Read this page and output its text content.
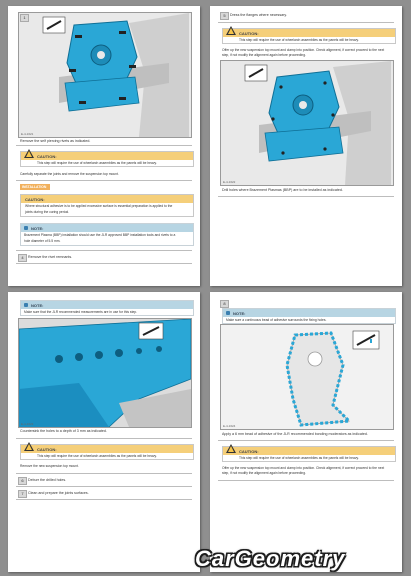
E-4-1621
1
Remove the self piercing rivets as indicated.
! CAUTION:
This step will require the use of wheelarch assemblies as the panels will be heavy.
Carefully separate the joints and remove the suspension top mount.
INSTALLATION
CAUTION:
Where structural adhesive is to be applied excessive surface is essential preparation is applied to the
joints during the curing period.
NOTE:
Brazement Plasma (BBP) installation should use the JLR approved BBP installation tools and rivets to a
hole diameter of 5.5 mm.
4	Remove the rivet remnants.
5	Dress the flanges where necessary.
! CAUTION:
This step will require the use of wheelarch assemblies as the panels will be heavy.
Offer up the new suspension top mount and clamp into position. Check alignment, if correct proceed to the next
step, if not modify the alignment again before proceeding.
E-4-1622
Drill holes where Brazement Plasmas (BBP) are to be installed as indicated.
NOTE:
Make sure that the JLR recommended measurements are in use for this step.
E-4-1623
Countersink the holes to a depth of 3 mm as indicated.
! CAUTION:
This step will require the use of wheelarch assemblies as the panels will be heavy.
Remove the new suspension top mount.
6	Deburr the drilled holes.
7	Clean and prepare the joints surfaces.
8
NOTE:
Make sure a continuous bead of adhesive surrounds the fixing holes.
E-4-1624
Apply a 6 mm bead of adhesive of the JLR recommended bonding moderators as indicated.
! CAUTION:
This step will require the use of wheelarch assemblies as the panels will be heavy.
Offer up the new suspension top mount and clamp into position. Check alignment, if correct proceed to the next
step, if not modify the alignment again before proceeding.
CarGeometry
